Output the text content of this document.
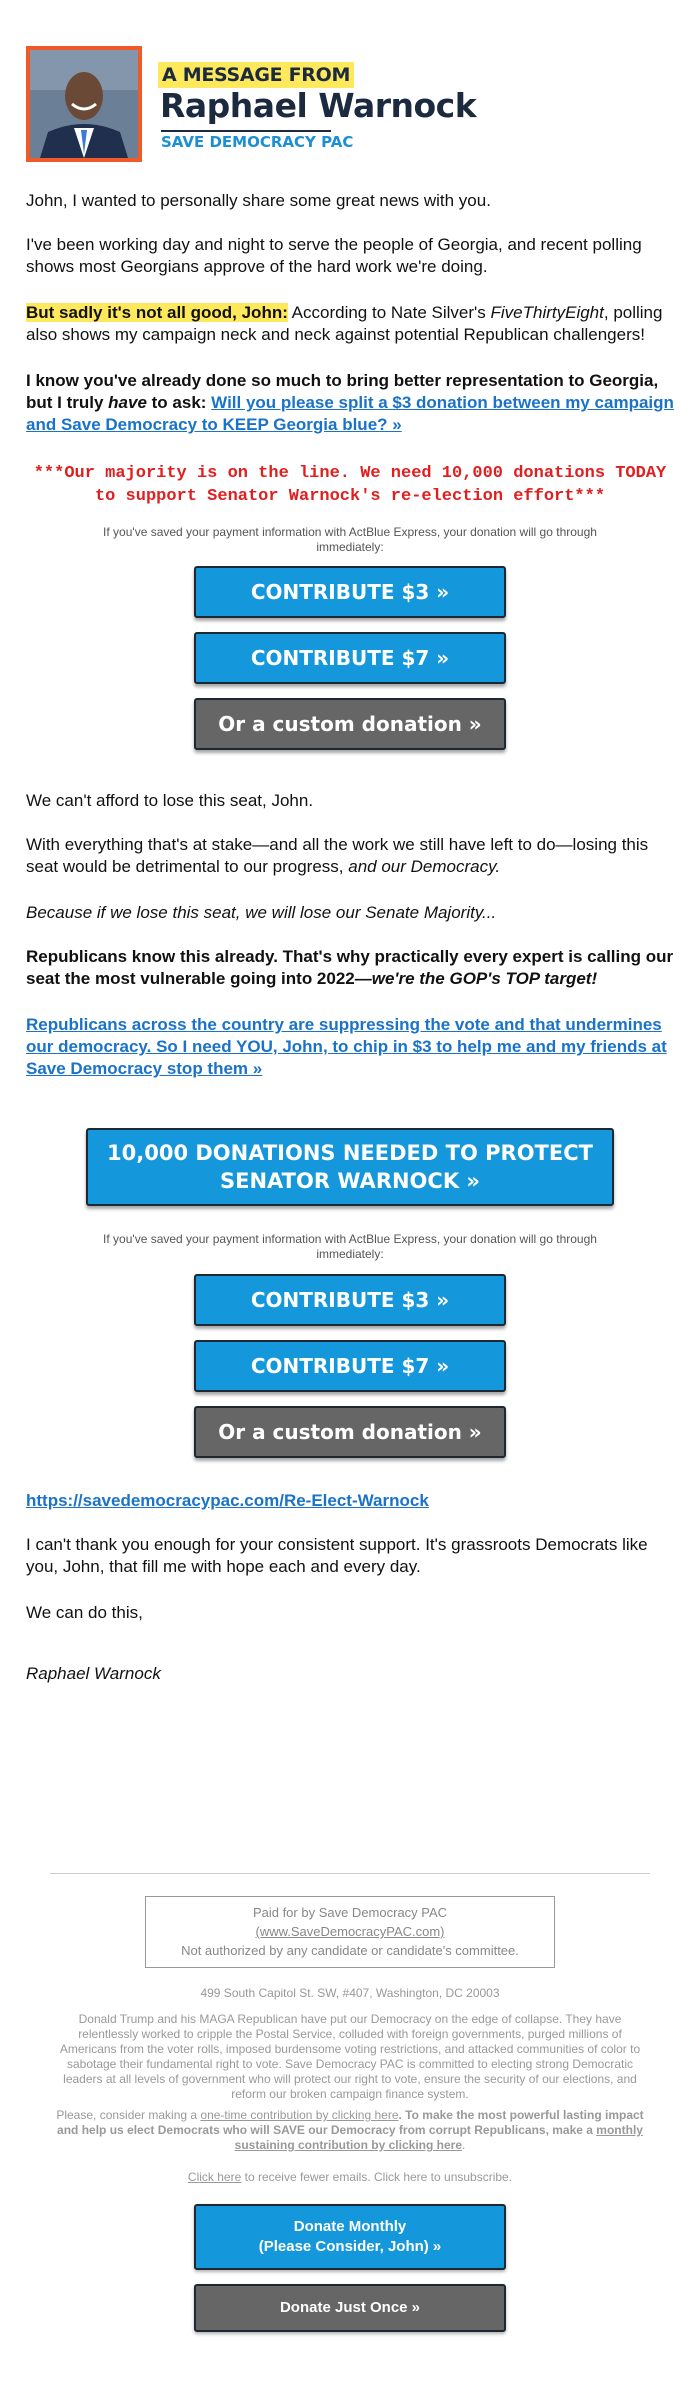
A MESSAGE FROM
Raphael Warnock
SAVE DEMOCRACY PAC

John, I wanted to personally share some great news with you.

I've been working day and night to serve the people of Georgia, and recent polling shows most Georgians approve of the hard work we're doing.

But sadly it's not all good, John: According to Nate Silver's FiveThirtyEight, polling also shows my campaign neck and neck against potential Republican challengers!

I know you've already done so much to bring better representation to Georgia, but I truly have to ask: Will you please split a $3 donation between my campaign and Save Democracy to KEEP Georgia blue? »

***Our majority is on the line. We need 10,000 donations TODAY to support Senator Warnock's re-election effort***
If you've saved your payment information with ActBlue Express, your donation will go through immediately:
CONTRIBUTE $3 »
CONTRIBUTE $7 »
Or a custom donation »

We can't afford to lose this seat, John.

With everything that's at stake—and all the work we still have left to do—losing this seat would be detrimental to our progress, and our Democracy.

Because if we lose this seat, we will lose our Senate Majority...

Republicans know this already. That's why practically every expert is calling our seat the most vulnerable going into 2022—we're the GOP's TOP target!

Republicans across the country are suppressing the vote and that undermines our democracy. So I need YOU, John, to chip in $3 to help me and my friends at Save Democracy stop them »

10,000 DONATIONS NEEDED TO PROTECT SENATOR WARNOCK »
If you've saved your payment information with ActBlue Express, your donation will go through immediately:
CONTRIBUTE $3 »
CONTRIBUTE $7 »
Or a custom donation »

https://savedemocracypac.com/Re-Elect-Warnock

I can't thank you enough for your consistent support. It's grassroots Democrats like you, John, that fill me with hope each and every day.

We can do this,

Raphael Warnock
Paid for by Save Democracy PAC
(www.SaveDemocracyPAC.com)
Not authorized by any candidate or candidate's committee.
499 South Capitol St. SW, #407, Washington, DC 20003
Donald Trump and his MAGA Republican have put our Democracy on the edge of collapse. They have relentlessly worked to cripple the Postal Service, colluded with foreign governments, purged millions of Americans from the voter rolls, imposed burdensome voting restrictions, and attacked communities of color to sabotage their fundamental right to vote. Save Democracy PAC is committed to electing strong Democratic leaders at all levels of government who will protect our right to vote, ensure the security of our elections, and reform our broken campaign finance system.
Please, consider making a one-time contribution by clicking here. To make the most powerful lasting impact and help us elect Democrats who will SAVE our Democracy from corrupt Republicans, make a monthly sustaining contribution by clicking here.
Click here to receive fewer emails. Click here to unsubscribe.
Donate Monthly
(Please Consider, John) »
Donate Just Once »
